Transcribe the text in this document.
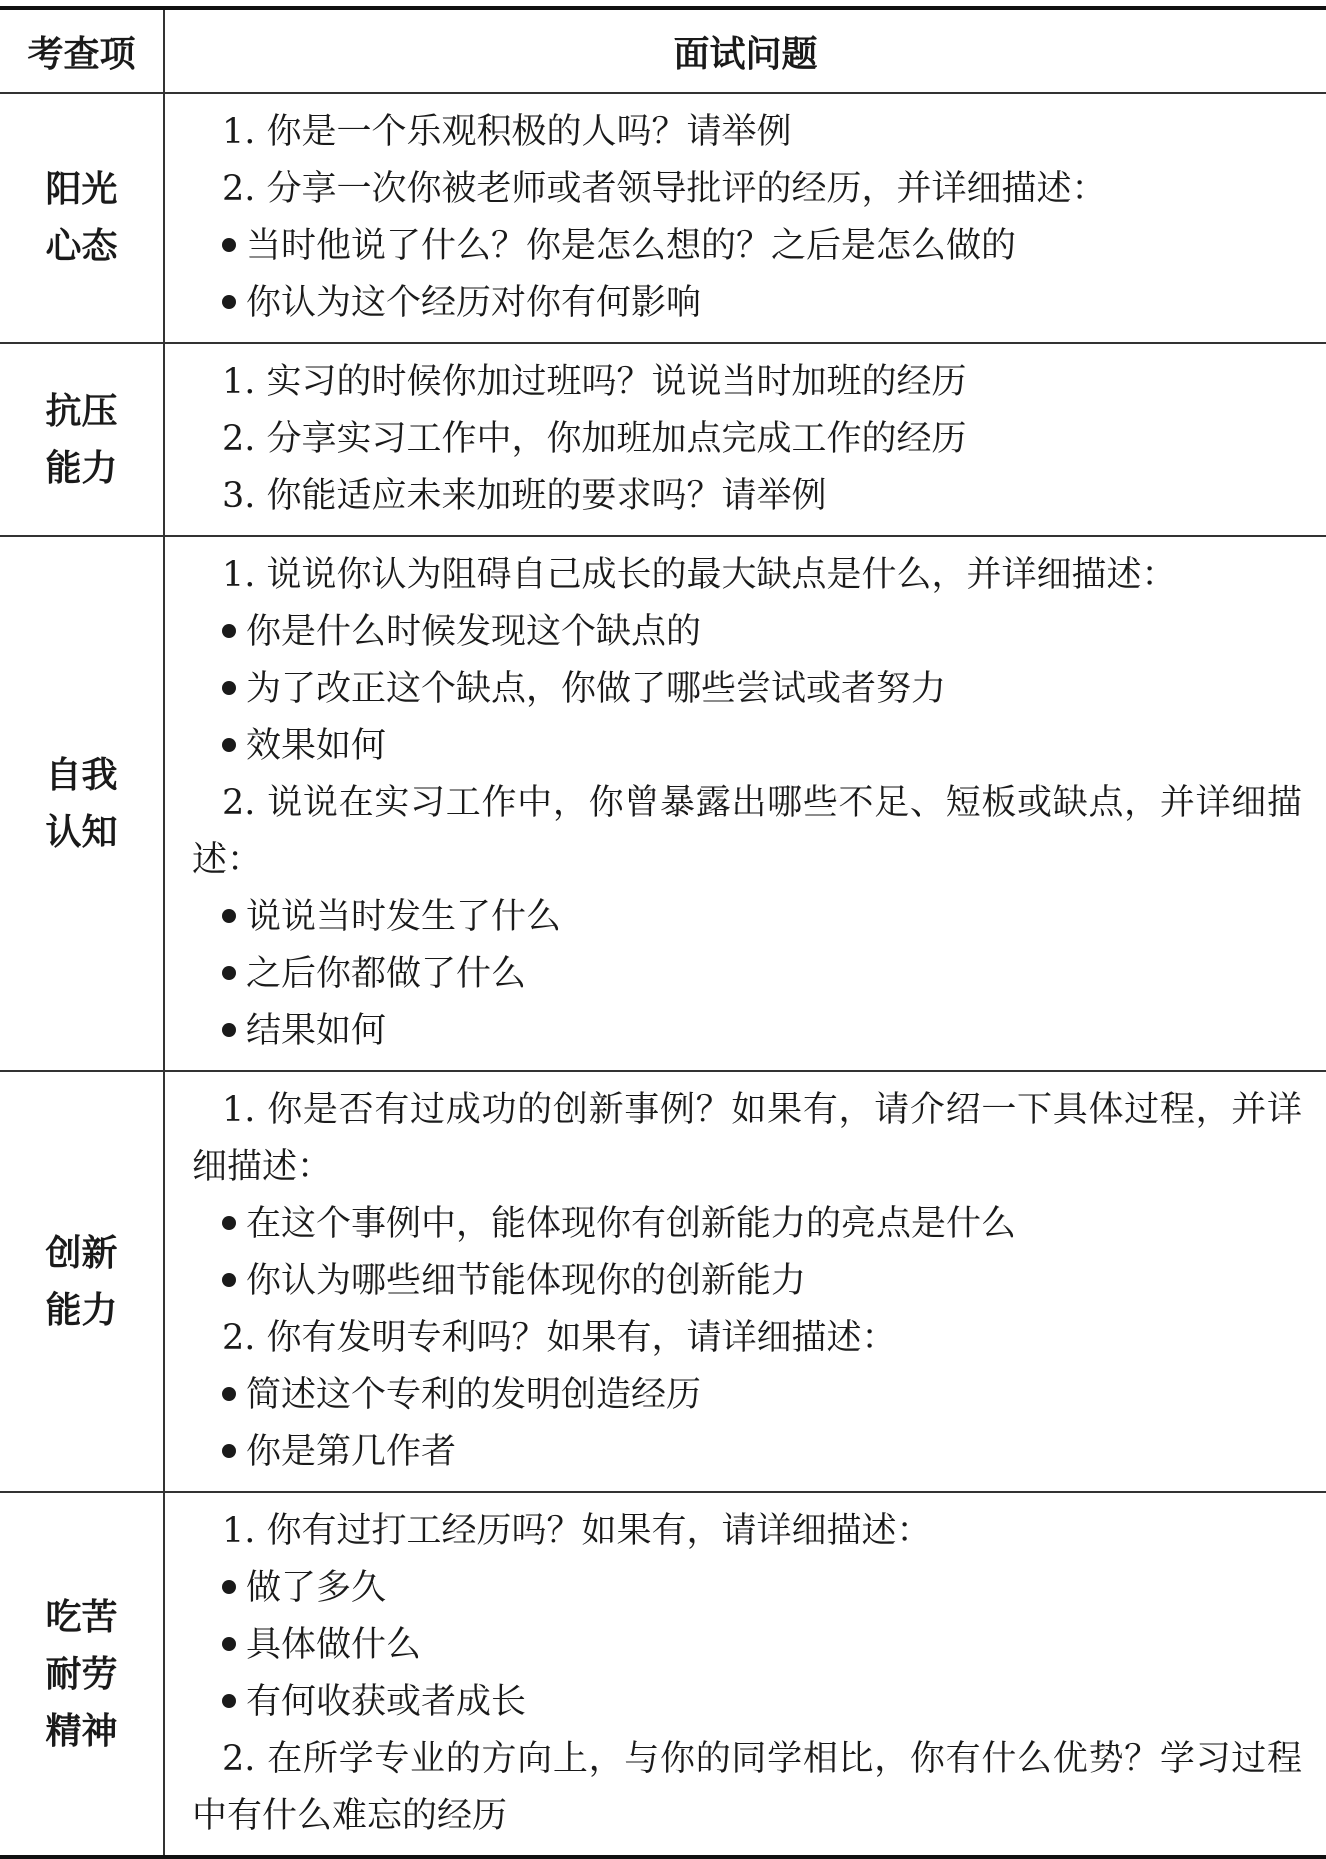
考查项	面试问题
阳光
心态
1. 你是一个乐观积极的人吗？请举例
2. 分享一次你被老师或者领导批评的经历，并详细描述：
当时他说了什么？你是怎么想的？之后是怎么做的
你认为这个经历对你有何影响
抗压
能力
1. 实习的时候你加过班吗？说说当时加班的经历
2. 分享实习工作中，你加班加点完成工作的经历
3. 你能适应未来加班的要求吗？请举例
自我
认知
1. 说说你认为阻碍自己成长的最大缺点是什么，并详细描述：
你是什么时候发现这个缺点的
为了改正这个缺点，你做了哪些尝试或者努力
效果如何
2. 说说在实习工作中，你曾暴露出哪些不足、短板或缺点，并详细描述：
说说当时发生了什么
之后你都做了什么
结果如何
创新
能力
1. 你是否有过成功的创新事例？如果有，请介绍一下具体过程，并详细描述：
在这个事例中，能体现你有创新能力的亮点是什么
你认为哪些细节能体现你的创新能力
2. 你有发明专利吗？如果有，请详细描述：
简述这个专利的发明创造经历
你是第几作者
吃苦
耐劳
精神
1. 你有过打工经历吗？如果有，请详细描述：
做了多久
具体做什么
有何收获或者成长
2. 在所学专业的方向上，与你的同学相比，你有什么优势？学习过程中有什么难忘的经历
